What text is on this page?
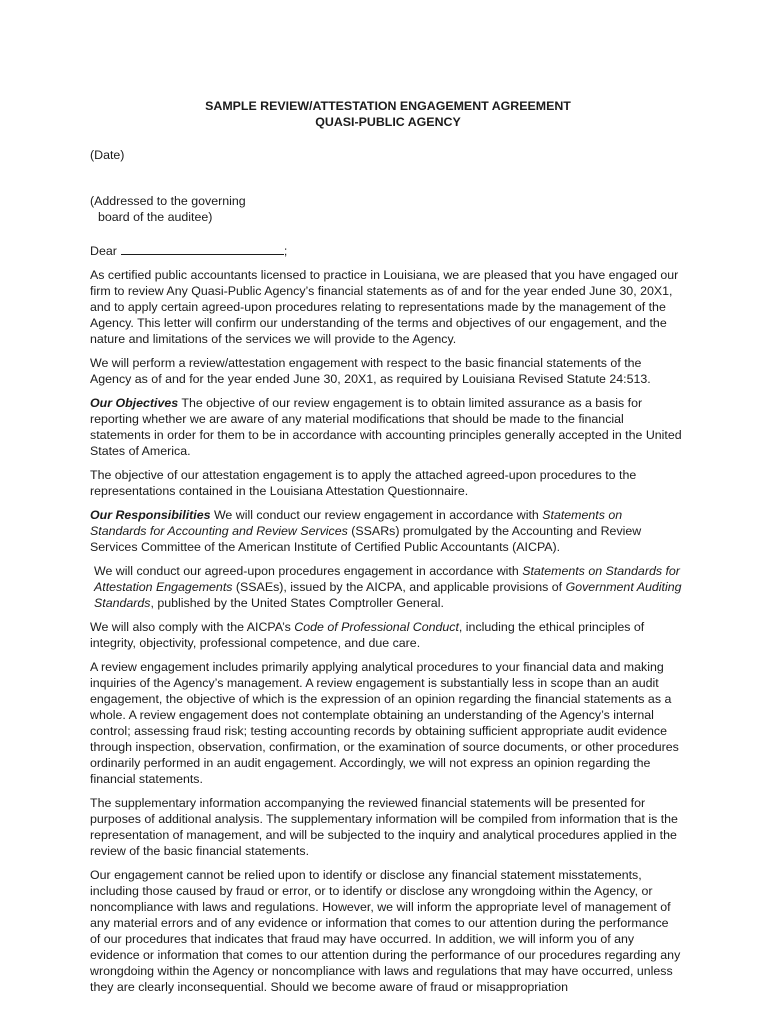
SAMPLE REVIEW/ATTESTATION ENGAGEMENT AGREEMENT
QUASI-PUBLIC AGENCY
(Date)
(Addressed to the governing
board of the auditee)
Dear	;

As certified public accountants licensed to practice in Louisiana, we are pleased that you have engaged our firm to review Any Quasi-Public Agency’s financial statements as of and for the year ended June 30, 20X1, and to apply certain agreed-upon procedures relating to representations made by the management of the Agency. This letter will confirm our understanding of the terms and objectives of our engagement, and the nature and limitations of the services we will provide to the Agency.

We will perform a review/attestation engagement with respect to the basic financial statements of the Agency as of and for the year ended June 30, 20X1, as required by Louisiana Revised Statute 24:513.

Our Objectives The objective of our review engagement is to obtain limited assurance as a basis for reporting whether we are aware of any material modifications that should be made to the financial statements in order for them to be in accordance with accounting principles generally accepted in the United States of America.

The objective of our attestation engagement is to apply the attached agreed-upon procedures to the representations contained in the Louisiana Attestation Questionnaire.

Our Responsibilities We will conduct our review engagement in accordance with Statements on Standards for Accounting and Review Services (SSARs) promulgated by the Accounting and Review Services Committee of the American Institute of Certified Public Accountants (AICPA).

We will conduct our agreed-upon procedures engagement in accordance with Statements on Standards for Attestation Engagements (SSAEs), issued by the AICPA, and applicable provisions of Government Auditing Standards, published by the United States Comptroller General.

We will also comply with the AICPA’s Code of Professional Conduct, including the ethical principles of integrity, objectivity, professional competence, and due care.

A review engagement includes primarily applying analytical procedures to your financial data and making inquiries of the Agency’s management. A review engagement is substantially less in scope than an audit engagement, the objective of which is the expression of an opinion regarding the financial statements as a whole. A review engagement does not contemplate obtaining an understanding of the Agency’s internal control; assessing fraud risk; testing accounting records by obtaining sufficient appropriate audit evidence through inspection, observation, confirmation, or the examination of source documents, or other procedures ordinarily performed in an audit engagement. Accordingly, we will not express an opinion regarding the financial statements.

The supplementary information accompanying the reviewed financial statements will be presented for purposes of additional analysis. The supplementary information will be compiled from information that is the representation of management, and will be subjected to the inquiry and analytical procedures applied in the review of the basic financial statements.

Our engagement cannot be relied upon to identify or disclose any financial statement misstatements, including those caused by fraud or error, or to identify or disclose any wrongdoing within the Agency, or noncompliance with laws and regulations. However, we will inform the appropriate level of management of any material errors and of any evidence or information that comes to our attention during the performance of our procedures that indicates that fraud may have occurred. In addition, we will inform you of any evidence or information that comes to our attention during the performance of our procedures regarding any wrongdoing within the Agency or noncompliance with laws and regulations that may have occurred, unless they are clearly inconsequential. Should we become aware of fraud or misappropriation
